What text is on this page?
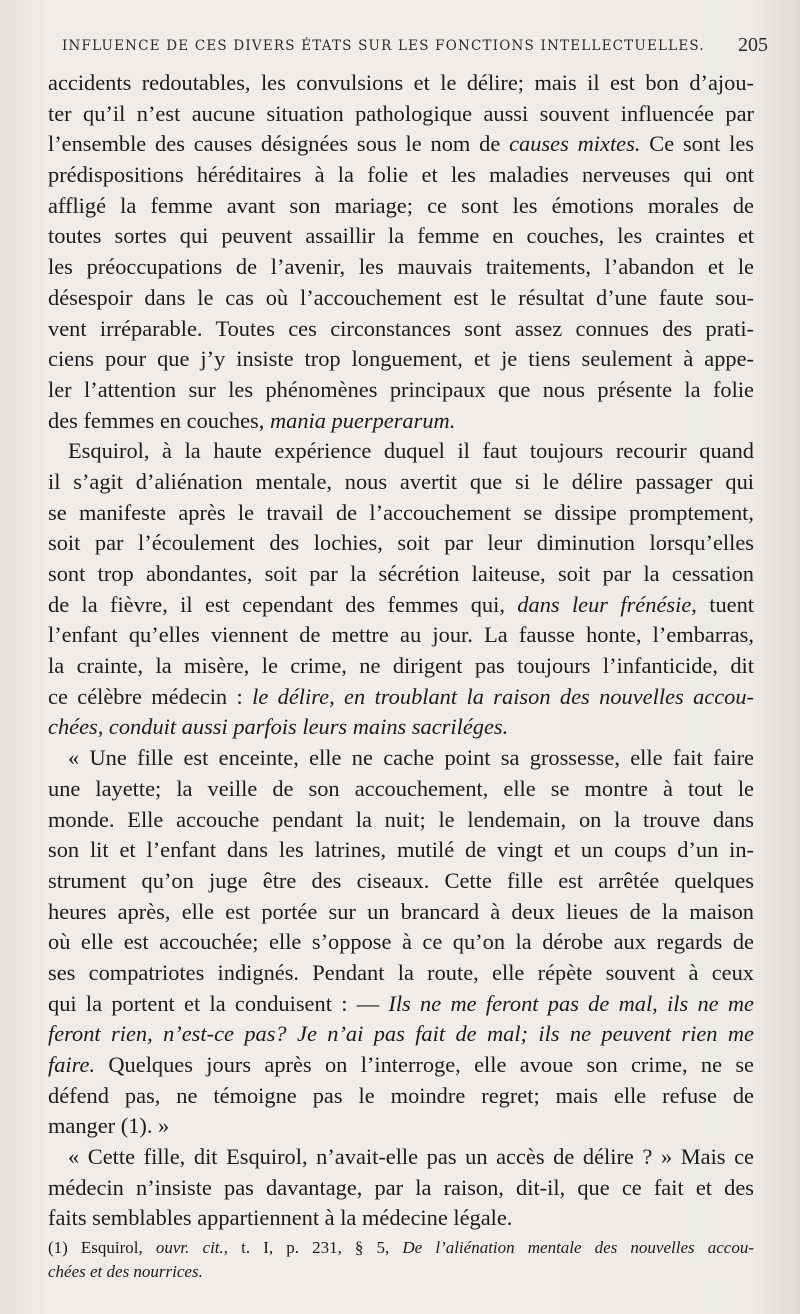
INFLUENCE DE CES DIVERS ÉTATS SUR LES FONCTIONS INTELLECTUELLES. 205
accidents redoutables, les convulsions et le délire; mais il est bon d’ajou-
ter qu’il n’est aucune situation pathologique aussi souvent influencée par
l’ensemble des causes désignées sous le nom de causes mixtes. Ce sont les
prédispositions héréditaires à la folie et les maladies nerveuses qui ont
affligé la femme avant son mariage; ce sont les émotions morales de
toutes sortes qui peuvent assaillir la femme en couches, les craintes et
les préoccupations de l’avenir, les mauvais traitements, l’abandon et le
désespoir dans le cas où l’accouchement est le résultat d’une faute sou-
vent irréparable. Toutes ces circonstances sont assez connues des prati-
ciens pour que j’y insiste trop longuement, et je tiens seulement à appe-
ler l’attention sur les phénomènes principaux que nous présente la folie
des femmes en couches, mania puerperarum.
Esquirol, à la haute expérience duquel il faut toujours recourir quand
il s’agit d’aliénation mentale, nous avertit que si le délire passager qui
se manifeste après le travail de l’accouchement se dissipe promptement,
soit par l’écoulement des lochies, soit par leur diminution lorsqu’elles
sont trop abondantes, soit par la sécrétion laiteuse, soit par la cessation
de la fièvre, il est cependant des femmes qui, dans leur frénésie, tuent
l’enfant qu’elles viennent de mettre au jour. La fausse honte, l’embarras,
la crainte, la misère, le crime, ne dirigent pas toujours l’infanticide, dit
ce célèbre médecin : le délire, en troublant la raison des nouvelles accou-
chées, conduit aussi parfois leurs mains sacriléges.
« Une fille est enceinte, elle ne cache point sa grossesse, elle fait faire
une layette; la veille de son accouchement, elle se montre à tout le
monde. Elle accouche pendant la nuit; le lendemain, on la trouve dans
son lit et l’enfant dans les latrines, mutilé de vingt et un coups d’un in-
strument qu’on juge être des ciseaux. Cette fille est arrêtée quelques
heures après, elle est portée sur un brancard à deux lieues de la maison
où elle est accouchée; elle s’oppose à ce qu’on la dérobe aux regards de
ses compatriotes indignés. Pendant la route, elle répète souvent à ceux
qui la portent et la conduisent : — Ils ne me feront pas de mal, ils ne me
feront rien, n’est-ce pas? Je n’ai pas fait de mal; ils ne peuvent rien me
faire. Quelques jours après on l’interroge, elle avoue son crime, ne se
défend pas, ne témoigne pas le moindre regret; mais elle refuse de
manger (1). »
« Cette fille, dit Esquirol, n’avait-elle pas un accès de délire ? » Mais ce
médecin n’insiste pas davantage, par la raison, dit-il, que ce fait et des
faits semblables appartiennent à la médecine légale.
(1) Esquirol, ouvr. cit., t. I, p. 231, § 5, De l’aliénation mentale des nouvelles accou-
chées et des nourrices.
